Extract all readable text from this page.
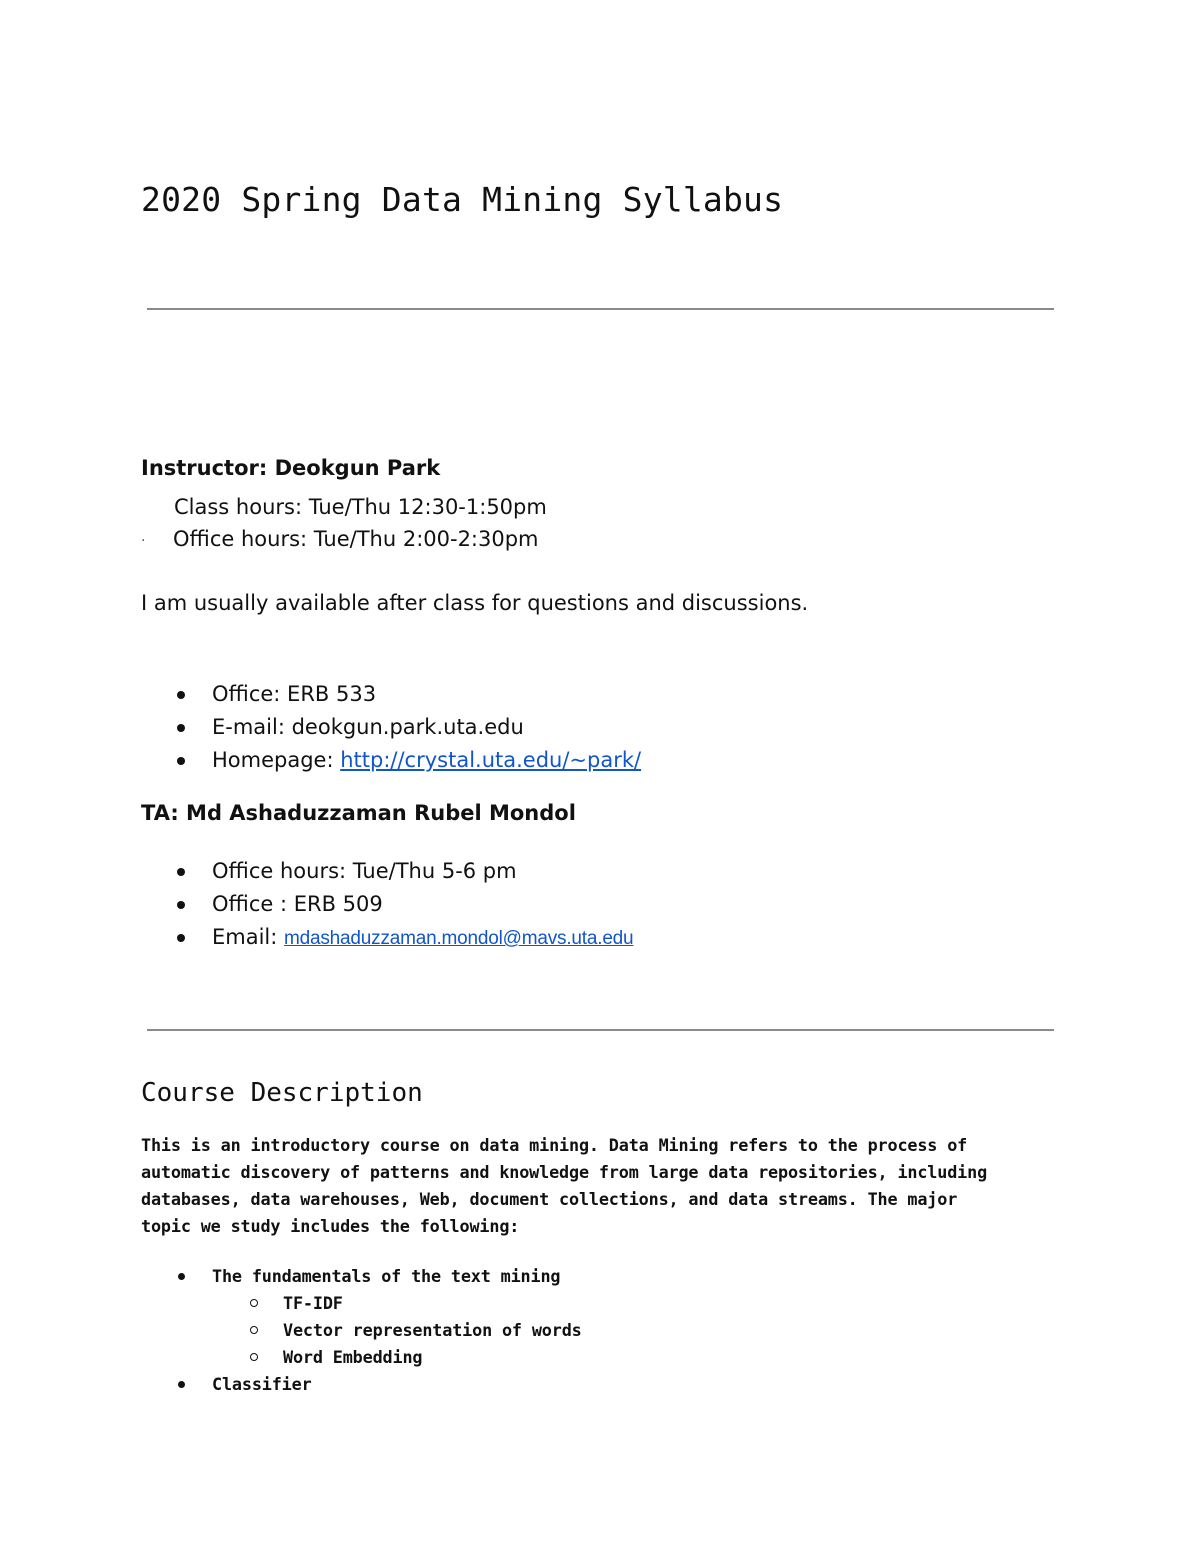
2020 Spring Data Mining Syllabus
Instructor: Deokgun Park
Class hours: Tue/Thu 12:30-1:50pm
· Office hours: Tue/Thu 2:00-2:30pm
I am usually available after class for questions and discussions.
Office: ERB 533
E-mail: deokgun.park.uta.edu
Homepage: http://crystal.uta.edu/~park/
TA: Md Ashaduzzaman Rubel Mondol
Office hours: Tue/Thu 5-6 pm
Office : ERB 509
Email: mdashaduzzaman.mondol@mavs.uta.edu
Course Description
This is an introductory course on data mining. Data Mining refers to the process of
automatic discovery of patterns and knowledge from large data repositories, including
databases, data warehouses, Web, document collections, and data streams. The major
topic we study includes the following:
The fundamentals of the text mining
TF-IDF
Vector representation of words
Word Embedding
Classifier
